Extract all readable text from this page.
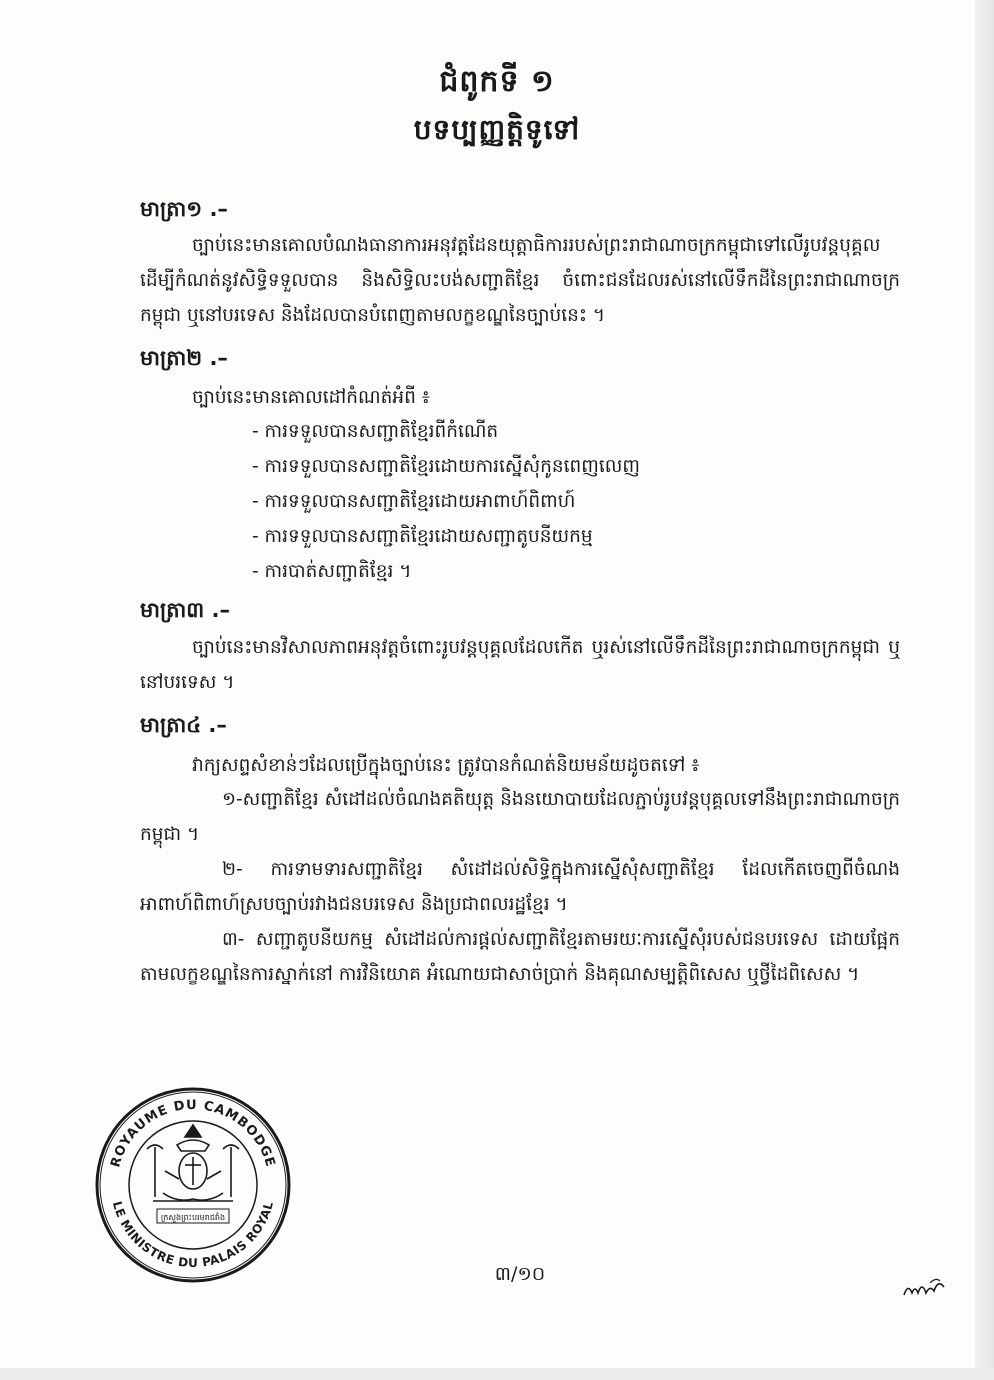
ជំពូកទី ១
បទប្បញ្ញត្តិទូទៅ
មាត្រា១ .–
ច្បាប់នេះមានគោលបំណងធានាការអនុវត្តដែនយុត្តាធិការរបស់ព្រះរាជាណាចក្រកម្ពុជាទៅលើរូបវន្តបុគ្គល ដើម្បីកំណត់នូវសិទ្ធិទទួលបាន និងសិទ្ធិលះបង់សញ្ជាតិខ្មែរ ចំពោះជនដែលរស់នៅលើទឹកដីនៃព្រះរាជាណាចក្រកម្ពុជា ឬនៅបរទេស និងដែលបានបំពេញតាមលក្ខខណ្ឌនៃច្បាប់នេះ ។
មាត្រា២ .–
ច្បាប់នេះមានគោលដៅកំណត់អំពី ៖
- ការទទួលបានសញ្ជាតិខ្មែរពីកំណើត
- ការទទួលបានសញ្ជាតិខ្មែរដោយការស្នើសុំកូនពេញលេញ
- ការទទួលបានសញ្ជាតិខ្មែរដោយអាពាហ៍ពិពាហ៍
- ការទទួលបានសញ្ជាតិខ្មែរដោយសញ្ជាតូបនីយកម្ម
- ការបាត់សញ្ជាតិខ្មែរ ។
មាត្រា៣ .–
ច្បាប់នេះមានវិសាលភាពអនុវត្តចំពោះរូបវន្តបុគ្គលដែលកើត ឬរស់នៅលើទឹកដីនៃព្រះរាជាណាចក្រកម្ពុជា ឬនៅបរទេស ។
មាត្រា៤ .–
វាក្យសព្ទសំខាន់ៗដែលប្រើក្នុងច្បាប់នេះ ត្រូវបានកំណត់និយមន័យដូចតទៅ ៖
១-សញ្ជាតិខ្មែរ សំដៅដល់ចំណងគតិយុត្ត និងនយោបាយដែលភ្ជាប់រូបវន្តបុគ្គលទៅនឹងព្រះរាជាណាចក្រកម្ពុជា ។
២- ការទាមទារសញ្ជាតិខ្មែរ សំដៅដល់សិទ្ធិក្នុងការស្នើសុំសញ្ជាតិខ្មែរ ដែលកើតចេញពីចំណងអាពាហ៍ពិពាហ៍ស្របច្បាប់រវាងជនបរទេស និងប្រជាពលរដ្ឋខ្មែរ ។
៣- សញ្ជាតូបនីយកម្ម សំដៅដល់ការផ្តល់សញ្ជាតិខ្មែរតាមរយៈការស្នើសុំរបស់ជនបរទេស ដោយផ្អែកតាមលក្ខខណ្ឌនៃការស្នាក់នៅ ការវិនិយោគ អំណោយជាសាច់ប្រាក់ និងគុណសម្បត្តិពិសេស ឬថ្វីដៃពិសេស ។
ROYAUME DU CAMBODGE
LE MINISTRE DU PALAIS ROYAL
ក្រសួងព្រះបរមរាជវាំង
៣/១០
